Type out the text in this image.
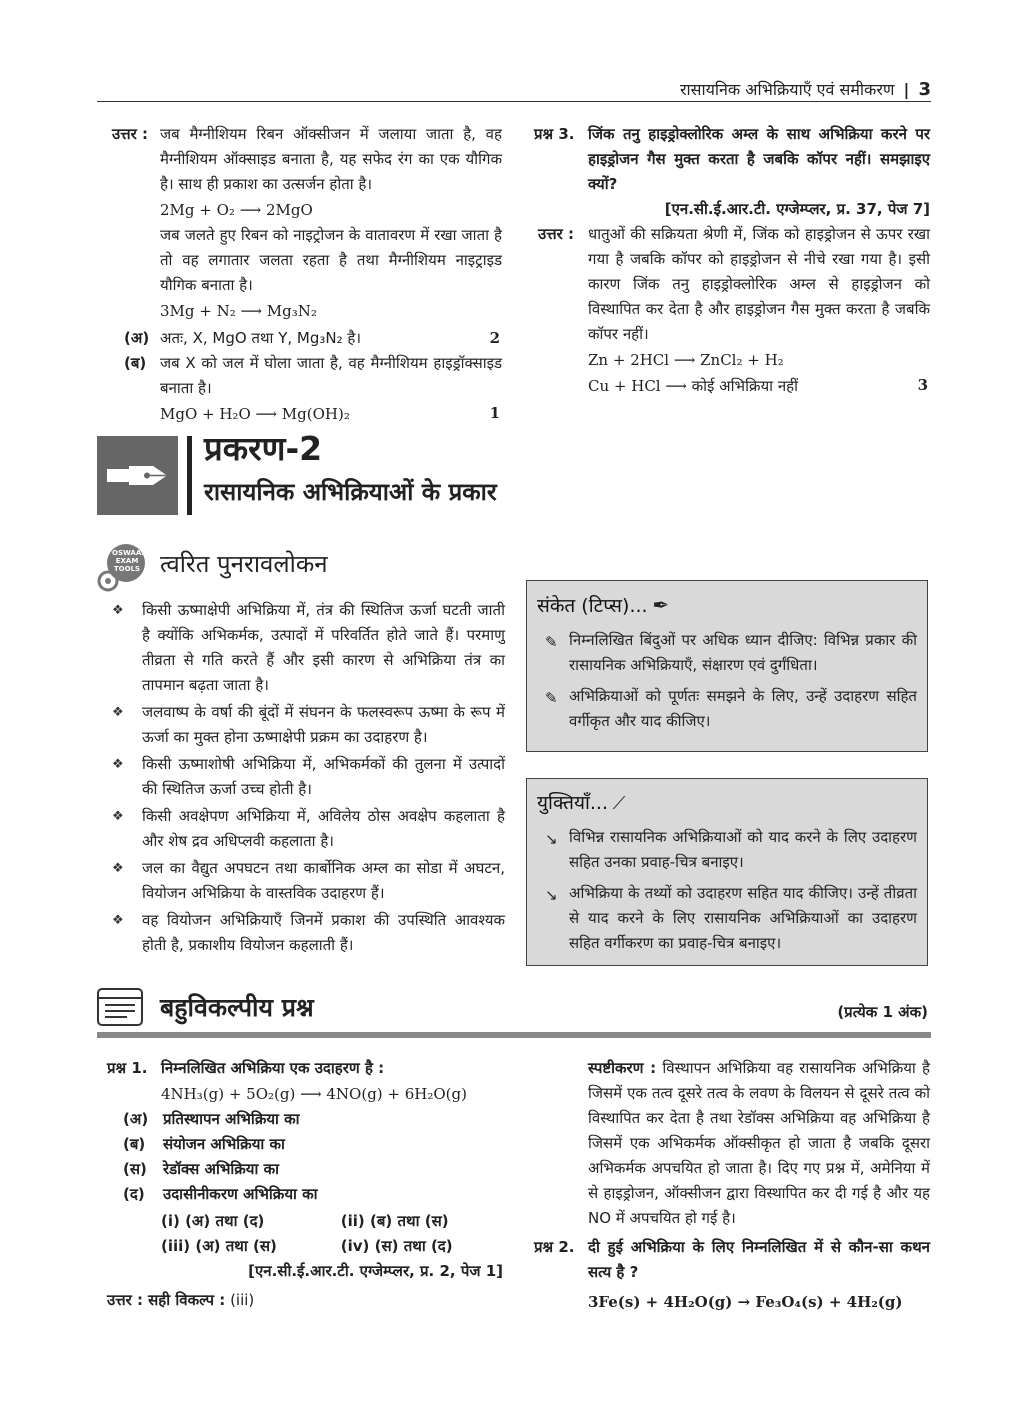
रासायनिक अभिक्रियाएँ एवं समीकरण | 3
उत्तर : जब मैग्नीशियम रिबन ऑक्सीजन में जलाया जाता है, वह मैग्नीशियम ऑक्साइड बनाता है, यह सफेद रंग का एक यौगिक है। साथ ही प्रकाश का उत्सर्जन होता है।
2Mg + O₂ ⟶ 2MgO
जब जलते हुए रिबन को नाइट्रोजन के वातावरण में रखा जाता है तो वह लगातार जलता रहता है तथा मैग्नीशियम नाइट्राइड यौगिक बनाता है।
3Mg + N₂ ⟶ Mg₃N₂
(अ) अतः, X, MgO तथा Y, Mg₃N₂ है।	2
(ब) जब X को जल में घोला जाता है, वह मैग्नीशियम हाइड्रॉक्साइड बनाता है।
MgO + H₂O ⟶ Mg(OH)₂	1
प्रश्न 3. जिंक तनु हाइड्रोक्लोरिक अम्ल के साथ अभिक्रिया करने पर हाइड्रोजन गैस मुक्त करता है जबकि कॉपर नहीं। समझाइए क्यों?
[एन.सी.ई.आर.टी. एग्जेम्प्लर, प्र. 37, पेज 7]
उत्तर : धातुओं की सक्रियता श्रेणी में, जिंक को हाइड्रोजन से ऊपर रखा गया है जबकि कॉपर को हाइड्रोजन से नीचे रखा गया है। इसी कारण जिंक तनु हाइड्रोक्लोरिक अम्ल से हाइड्रोजन को विस्थापित कर देता है और हाइड्रोजन गैस मुक्त करता है जबकि कॉपर नहीं।
Zn + 2HCl ⟶ ZnCl₂ + H₂
Cu + HCl ⟶ कोई अभिक्रिया नहीं	3
प्रकरण-2
रासायनिक अभिक्रियाओं के प्रकार
OSWAAL EXAM TOOLS त्वरित पुनरावलोकन
❖ किसी ऊष्माक्षेपी अभिक्रिया में, तंत्र की स्थितिज ऊर्जा घटती जाती है क्योंकि अभिकर्मक, उत्पादों में परिवर्तित होते जाते हैं। परमाणु तीव्रता से गति करते हैं और इसी कारण से अभिक्रिया तंत्र का तापमान बढ़ता जाता है।
❖ जलवाष्प के वर्षा की बूंदों में संघनन के फलस्वरूप ऊष्मा के रूप में ऊर्जा का मुक्त होना ऊष्माक्षेपी प्रक्रम का उदाहरण है।
❖ किसी ऊष्माशोषी अभिक्रिया में, अभिकर्मकों की तुलना में उत्पादों की स्थितिज ऊर्जा उच्च होती है।
❖ किसी अवक्षेपण अभिक्रिया में, अविलेय ठोस अवक्षेप कहलाता है और शेष द्रव अधिप्लवी कहलाता है।
❖ जल का वैद्युत अपघटन तथा कार्बोनिक अम्ल का सोडा में अघटन, वियोजन अभिक्रिया के वास्तविक उदाहरण हैं।
❖ वह वियोजन अभिक्रियाएँ जिनमें प्रकाश की उपस्थिति आवश्यक होती है, प्रकाशीय वियोजन कहलाती हैं।
संकेत (टिप्स)... ✒
✎ निम्नलिखित बिंदुओं पर अधिक ध्यान दीजिए: विभिन्न प्रकार की रासायनिक अभिक्रियाएँ, संक्षारण एवं दुर्गंधिता।
✎ अभिक्रियाओं को पूर्णतः समझने के लिए, उन्हें उदाहरण सहित वर्गीकृत और याद कीजिए।
युक्तियाँ... ⟋
↘ विभिन्न रासायनिक अभिक्रियाओं को याद करने के लिए उदाहरण सहित उनका प्रवाह-चित्र बनाइए।
↘ अभिक्रिया के तथ्यों को उदाहरण सहित याद कीजिए। उन्हें तीव्रता से याद करने के लिए रासायनिक अभिक्रियाओं का उदाहरण सहित वर्गीकरण का प्रवाह-चित्र बनाइए।
बहुविकल्पीय प्रश्न	(प्रत्येक 1 अंक)
प्रश्न 1. निम्नलिखित अभिक्रिया एक उदाहरण है :
4NH₃(g) + 5O₂(g) ⟶ 4NO(g) + 6H₂O(g)
(अ) प्रतिस्थापन अभिक्रिया का
(ब) संयोजन अभिक्रिया का
(स) रेडॉक्स अभिक्रिया का
(द) उदासीनीकरण अभिक्रिया का
(i) (अ) तथा (द)	(ii) (ब) तथा (स)
(iii) (अ) तथा (स)	(iv) (स) तथा (द)
[एन.सी.ई.आर.टी. एग्जेम्प्लर, प्र. 2, पेज 1]
उत्तर : सही विकल्प : (iii)
स्पष्टीकरण : विस्थापन अभिक्रिया वह रासायनिक अभिक्रिया है जिसमें एक तत्व दूसरे तत्व के लवण के विलयन से दूसरे तत्व को विस्थापित कर देता है तथा रेडॉक्स अभिक्रिया वह अभिक्रिया है जिसमें एक अभिकर्मक ऑक्सीकृत हो जाता है जबकि दूसरा अभिकर्मक अपचयित हो जाता है। दिए गए प्रश्न में, अमेनिया में से हाइड्रोजन, ऑक्सीजन द्वारा विस्थापित कर दी गई है और यह NO में अपचयित हो गई है।
प्रश्न 2. दी हुई अभिक्रिया के लिए निम्नलिखित में से कौन-सा कथन सत्य है ?
3Fe(s) + 4H₂O(g) → Fe₃O₄(s) + 4H₂(g)
